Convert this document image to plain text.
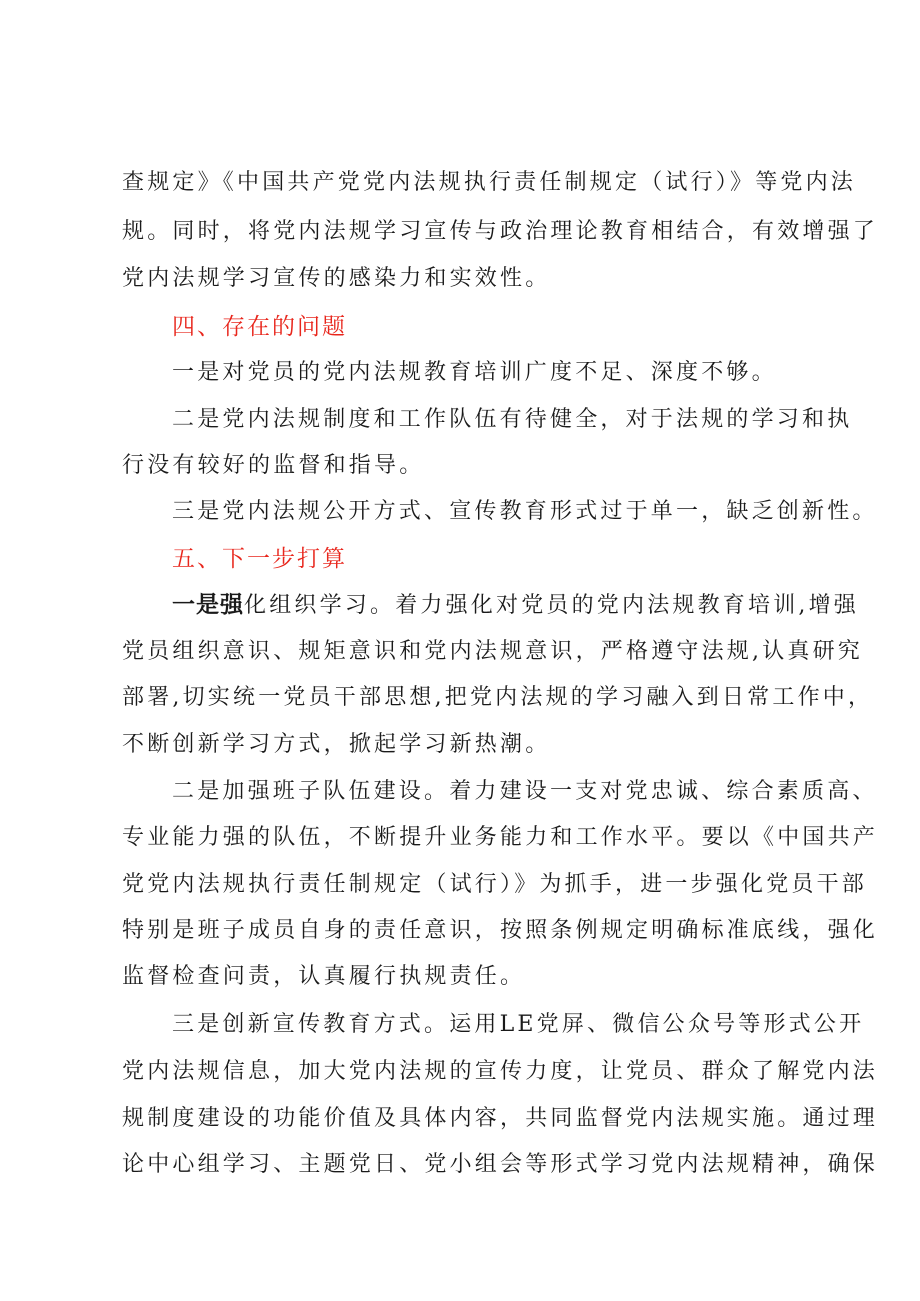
查规定》《中国共产党党内法规执行责任制规定（试行）》等党内法
规。同时，将党内法规学习宣传与政治理论教育相结合，有效增强了
党内法规学习宣传的感染力和实效性。
四、存在的问题
一是对党员的党内法规教育培训广度不足、深度不够。
二是党内法规制度和工作队伍有待健全，对于法规的学习和执
行没有较好的监督和指导。
三是党内法规公开方式、宣传教育形式过于单一，缺乏创新性。
五、下一步打算
一是强化组织学习。着力强化对党员的党内法规教育培训,增强
党员组织意识、规矩意识和党内法规意识，严格遵守法规,认真研究
部署,切实统一党员干部思想,把党内法规的学习融入到日常工作中，
不断创新学习方式，掀起学习新热潮。
二是加强班子队伍建设。着力建设一支对党忠诚、综合素质高、
专业能力强的队伍，不断提升业务能力和工作水平。要以《中国共产
党党内法规执行责任制规定（试行）》为抓手，进一步强化党员干部
特别是班子成员自身的责任意识，按照条例规定明确标准底线，强化
监督检查问责，认真履行执规责任。
三是创新宣传教育方式。运用LE党屏、微信公众号等形式公开
党内法规信息，加大党内法规的宣传力度，让党员、群众了解党内法
规制度建设的功能价值及具体内容，共同监督党内法规实施。通过理
论中心组学习、主题党日、党小组会等形式学习党内法规精神，确保
